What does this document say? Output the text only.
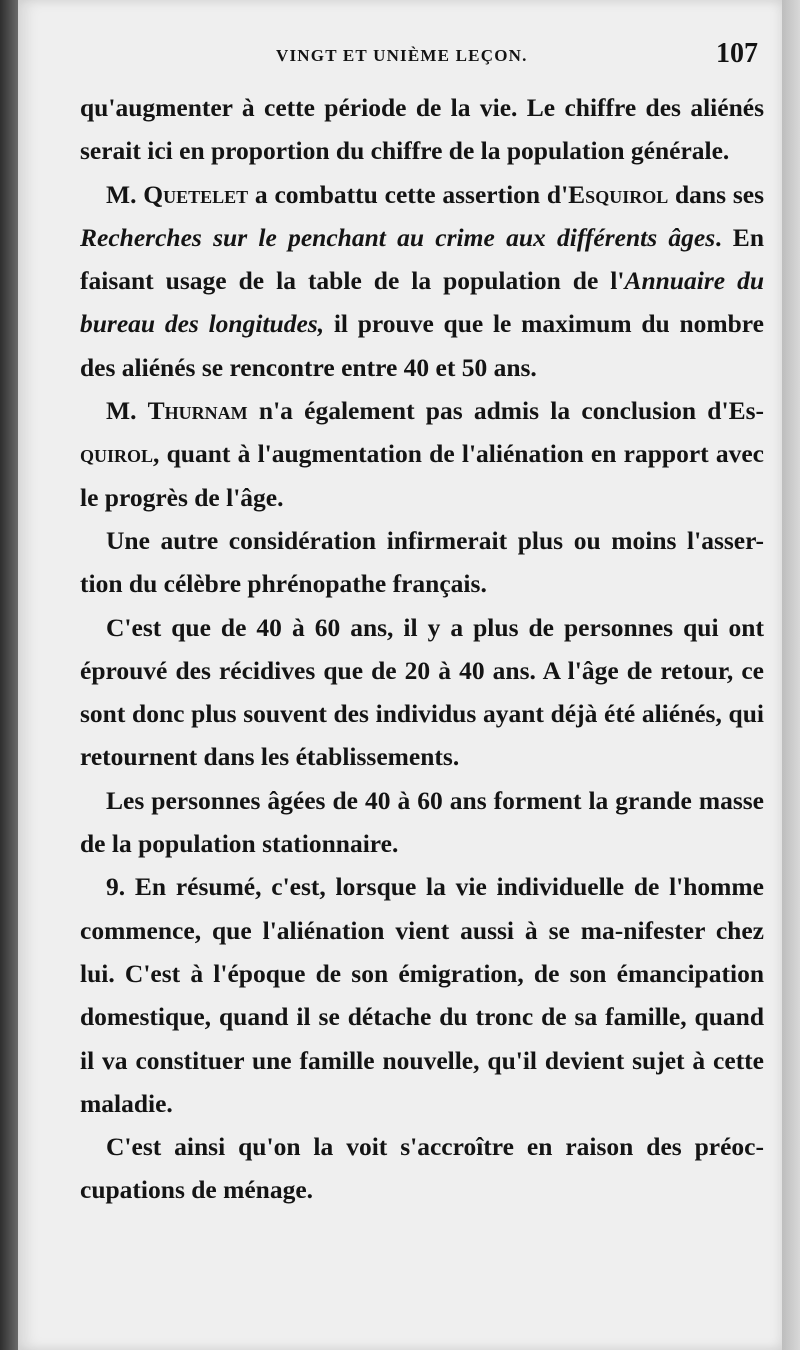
VINGT ET UNIÈME LEÇON.	107

qu'augmenter à cette période de la vie. Le chiffre des aliénés serait ici en proportion du chiffre de la population générale.

M. Quetelet a combattu cette assertion d'Esquirol dans ses Recherches sur le penchant au crime aux différents âges. En faisant usage de la table de la population de l'Annuaire du bureau des longitudes, il prouve que le maximum du nombre des aliénés se rencontre entre 40 et 50 ans.

M. Thurnam n'a également pas admis la conclusion d'Es-quirol, quant à l'augmentation de l'aliénation en rapport avec le progrès de l'âge.

Une autre considération infirmerait plus ou moins l'asser-tion du célèbre phrénopathe français.

C'est que de 40 à 60 ans, il y a plus de personnes qui ont éprouvé des récidives que de 20 à 40 ans. A l'âge de retour, ce sont donc plus souvent des individus ayant déjà été aliénés, qui retournent dans les établissements.

Les personnes âgées de 40 à 60 ans forment la grande masse de la population stationnaire.

9. En résumé, c'est, lorsque la vie individuelle de l'homme commence, que l'aliénation vient aussi à se ma-nifester chez lui. C'est à l'époque de son émigration, de son émancipation domestique, quand il se détache du tronc de sa famille, quand il va constituer une famille nouvelle, qu'il devient sujet à cette maladie.

C'est ainsi qu'on la voit s'accroître en raison des préoc-cupations de ménage.
